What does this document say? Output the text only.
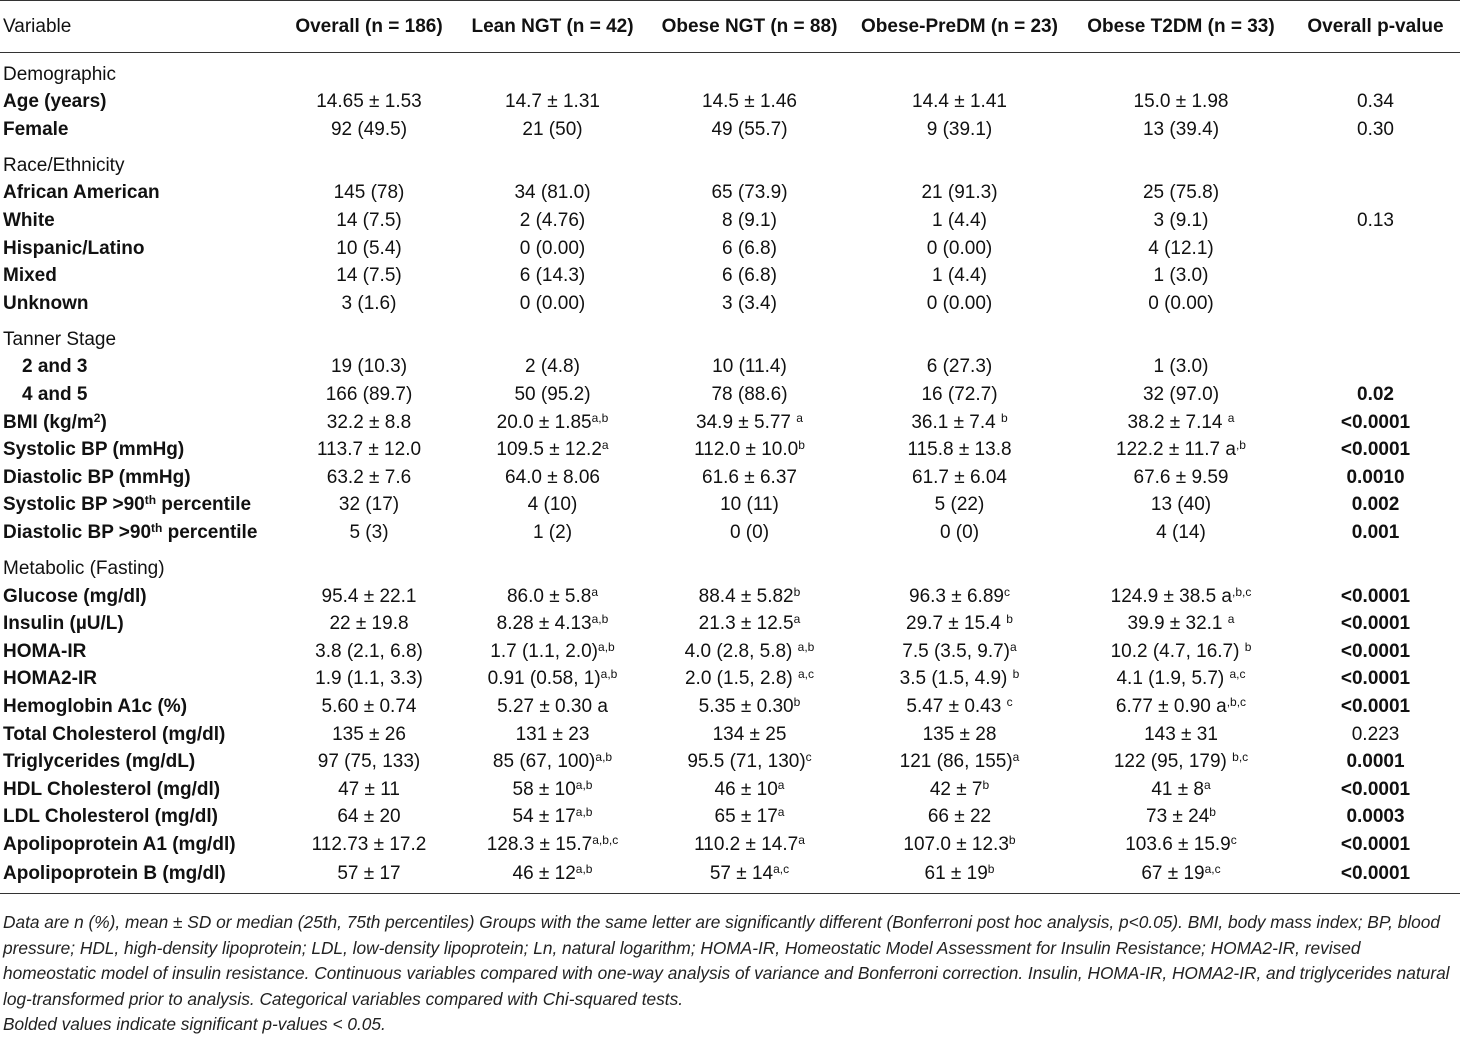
Variable	Overall (n = 186)	Lean NGT (n = 42)	Obese NGT (n = 88)	Obese-PreDM (n = 23)	Obese T2DM (n = 33)	Overall p-value
Demographic						
Age (years)	14.65 ± 1.53	14.7 ± 1.31	14.5 ± 1.46	14.4 ± 1.41	15.0 ± 1.98	0.34
Female	92 (49.5)	21 (50)	49 (55.7)	9 (39.1)	13 (39.4)	0.30
Race/Ethnicity						
African American	145 (78)	34 (81.0)	65 (73.9)	21 (91.3)	25 (75.8)	
White	14 (7.5)	2 (4.76)	8 (9.1)	1 (4.4)	3 (9.1)	0.13
Hispanic/Latino	10 (5.4)	0 (0.00)	6 (6.8)	0 (0.00)	4 (12.1)	
Mixed	14 (7.5)	6 (14.3)	6 (6.8)	1 (4.4)	1 (3.0)	
Unknown	3 (1.6)	0 (0.00)	3 (3.4)	0 (0.00)	0 (0.00)	
Tanner Stage						
2 and 3	19 (10.3)	2 (4.8)	10 (11.4)	6 (27.3)	1 (3.0)	
4 and 5	166 (89.7)	50 (95.2)	78 (88.6)	16 (72.7)	32 (97.0)	0.02
BMI $(kg/m^2)$	32.2 ± 8.8	$20.0 \pm 1.85^{a,b}$	34.9 ± 5.77 $^a$	36.1 ± 7.4 $^b$	38.2 ± 7.14 $^a$	<0.0001
Systolic BP (mmHg)	113.7 ± 12.0	109.5 ± 12.2$^a$	112.0 ± 10.0$^b$	115.8 ± 13.8	122.2 ± 11.7 $a^{,b}$	<0.0001
Diastolic BP (mmHg)	63.2 ± 7.6	64.0 ± 8.06	61.6 ± 6.37	61.7 ± 6.04	67.6 ± 9.59	0.0010
Systolic BP >90th percentile	32 (17)	4 (10)	10 (11)	5 (22)	13 (40)	0.002
Diastolic BP >90th percentile	5 (3)	1 (2)	0 (0)	0 (0)	4 (14)	0.001
Metabolic (Fasting)						
Glucose (mg/dl)	95.4 ± 22.1	86.0 ± 5.8$^a$	88.4 ± 5.82$^b$	96.3 ± 6.89$^c$	124.9 ± 38.5 $a^{,b,c}$	<0.0001
Insulin (µU/L)	22 ± 19.8	$8.28 \pm 4.13^{a,b}$	21.3 ± 12.5$^a$	29.7 ± 15.4 $^b$	39.9 ± 32.1 $^a$	<0.0001
HOMA-IR	3.8 (2.1, 6.8)	1.7 (1.1, 2.0)$^{a,b}$	4.0 (2.8, 5.8) $^{a,b}$	7.5 (3.5, 9.7)$^a$	10.2 (4.7, 16.7) $^b$	<0.0001
HOMA2-IR	1.9 (1.1, 3.3)	0.91 (0.58, 1)$^{a,b}$	2.0 (1.5, 2.8) $^{a,c}$	3.5 (1.5, 4.9) $^b$	4.1 (1.9, 5.7) $^{a,c}$	<0.0001
Hemoglobin A1c (%)	5.60 ± 0.74	5.27 ± 0.30 a	5.35 ± 0.30$^b$	5.47 ± 0.43 $^c$	6.77 ± 0.90 $a^{,b,c}$	<0.0001
Total Cholesterol (mg/dl)	135 ± 26	131 ± 23	134 ± 25	135 ± 28	143 ± 31	0.223
Triglycerides (mg/dL)	97 (75, 133)	85 (67, 100)$^{a,b}$	95.5 (71, 130)$^c$	121 (86, 155)$^a$	122 (95, 179) $^{b,c}$	0.0001
HDL Cholesterol (mg/dl)	47 ± 11	$58 \pm 10^{a,b}$	$46 \pm 10^a$	$42 \pm 7^b$	$41 \pm 8^a$	<0.0001
LDL Cholesterol (mg/dl)	64 ± 20	$54 \pm 17^{a,b}$	$65 \pm 17^a$	66 ± 22	$73 \pm 24^b$	0.0003
Apolipoprotein A1 (mg/dl)	112.73 ± 17.2	$128.3 \pm 15.7^{a,b,c}$	110.2 ± 14.7$^a$	107.0 ± 12.3$^b$	103.6 ± 15.9$^c$	<0.0001
Apolipoprotein B (mg/dl)	57 ± 17	$46 \pm 12^{a,b}$	$57 \pm 14^{a,c}$	$61 \pm 19^b$	$67 \pm 19^{a,c}$	<0.0001

Data are n (%), mean ± SD or median (25th, 75th percentiles) Groups with the same letter are significantly different (Bonferroni post hoc analysis, p<0.05). BMI, body mass index; BP, blood pressure; HDL, high-density lipoprotein; LDL, low-density lipoprotein; Ln, natural logarithm; HOMA-IR, Homeostatic Model Assessment for Insulin Resistance; HOMA2-IR, revised homeostatic model of insulin resistance. Continuous variables compared with one-way analysis of variance and Bonferroni correction. Insulin, HOMA-IR, HOMA2-IR, and triglycerides natural log-transformed prior to analysis. Categorical variables compared with Chi-squared tests.

Bolded values indicate significant p-values < 0.05.
